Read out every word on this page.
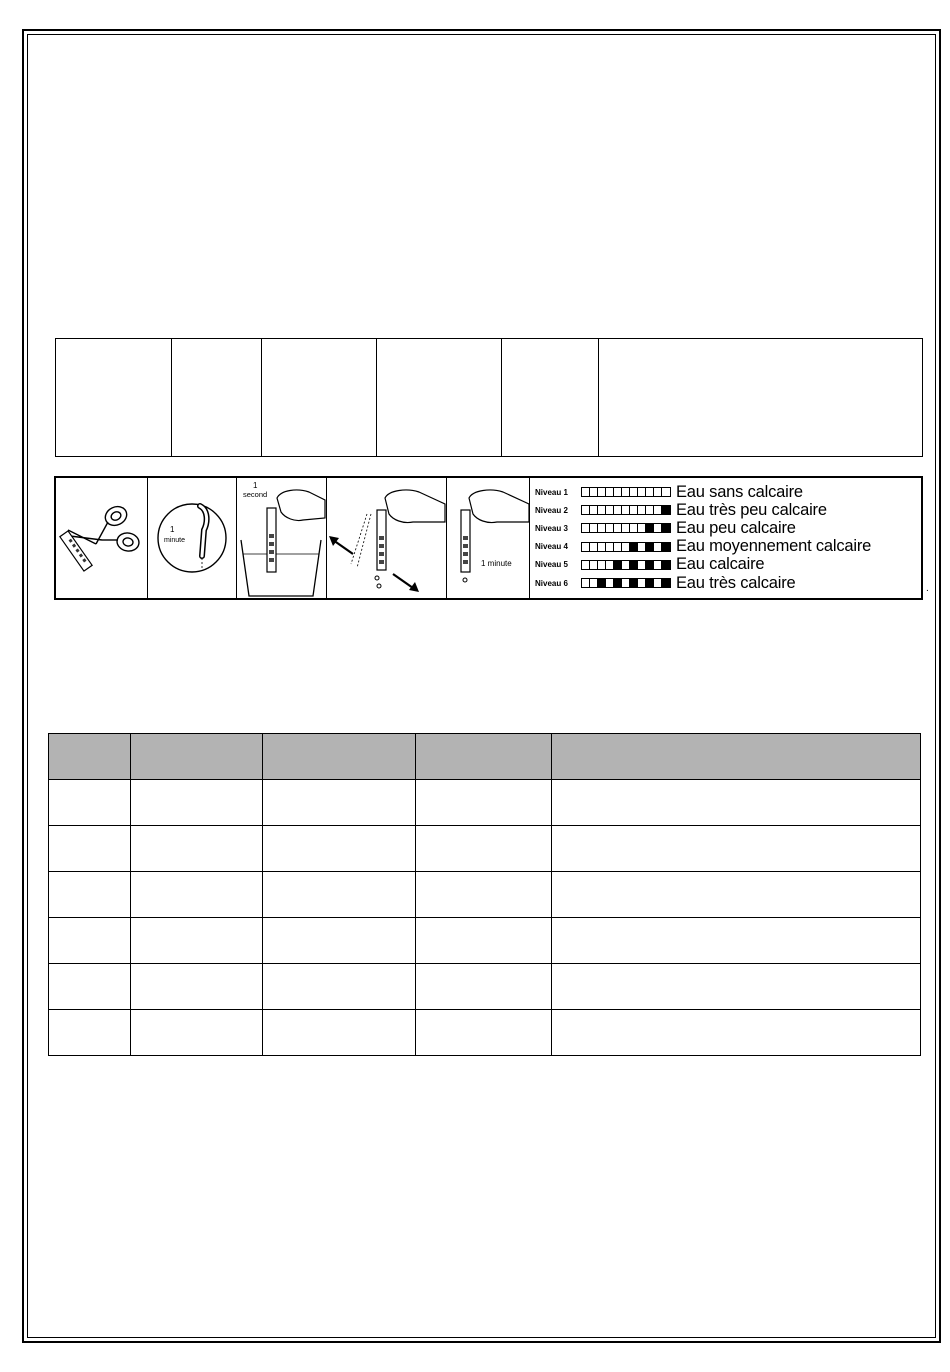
1
minute
1
second
1 minute
Niveau 1	Eau sans calcaire
Niveau 2	Eau très peu calcaire
Niveau 3	Eau peu calcaire
Niveau 4	Eau moyennement calcaire
Niveau 5	Eau calcaire
Niveau 6	Eau très calcaire	.
